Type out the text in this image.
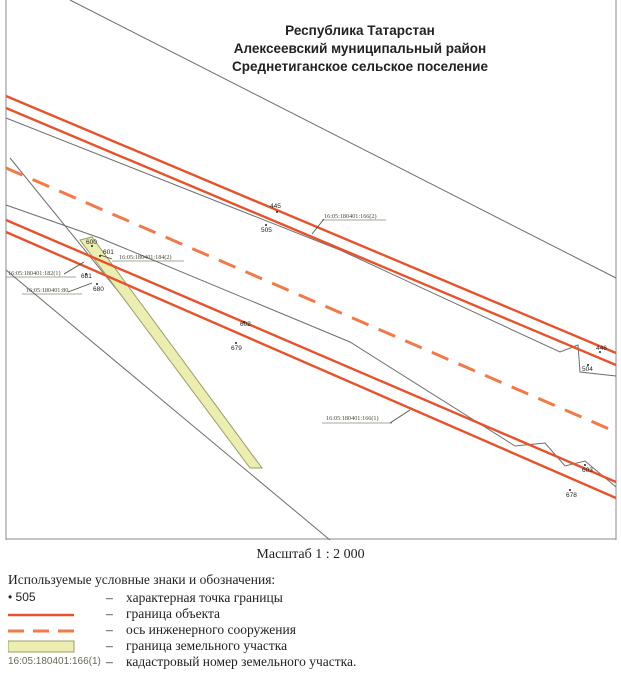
445
505
600
601
681
680
602
679	446
504
603
678
16:05:180401:166(2)
16:05:180401:184(2)
16:05:180401:182(1)
16:05:180401:80
16:05:180401:166(1)
Республика Татарстан
Алексеевский муниципальный район
Среднетиганское сельское поселение
Масштаб 1 : 2 000
Используемые условные знаки и обозначения:
• 505	– характерная точка границы
– граница объекта
– ось инженерного сооружения
– граница земельного участка
16:05:180401:166(1) – кадастровый номер земельного участка.
